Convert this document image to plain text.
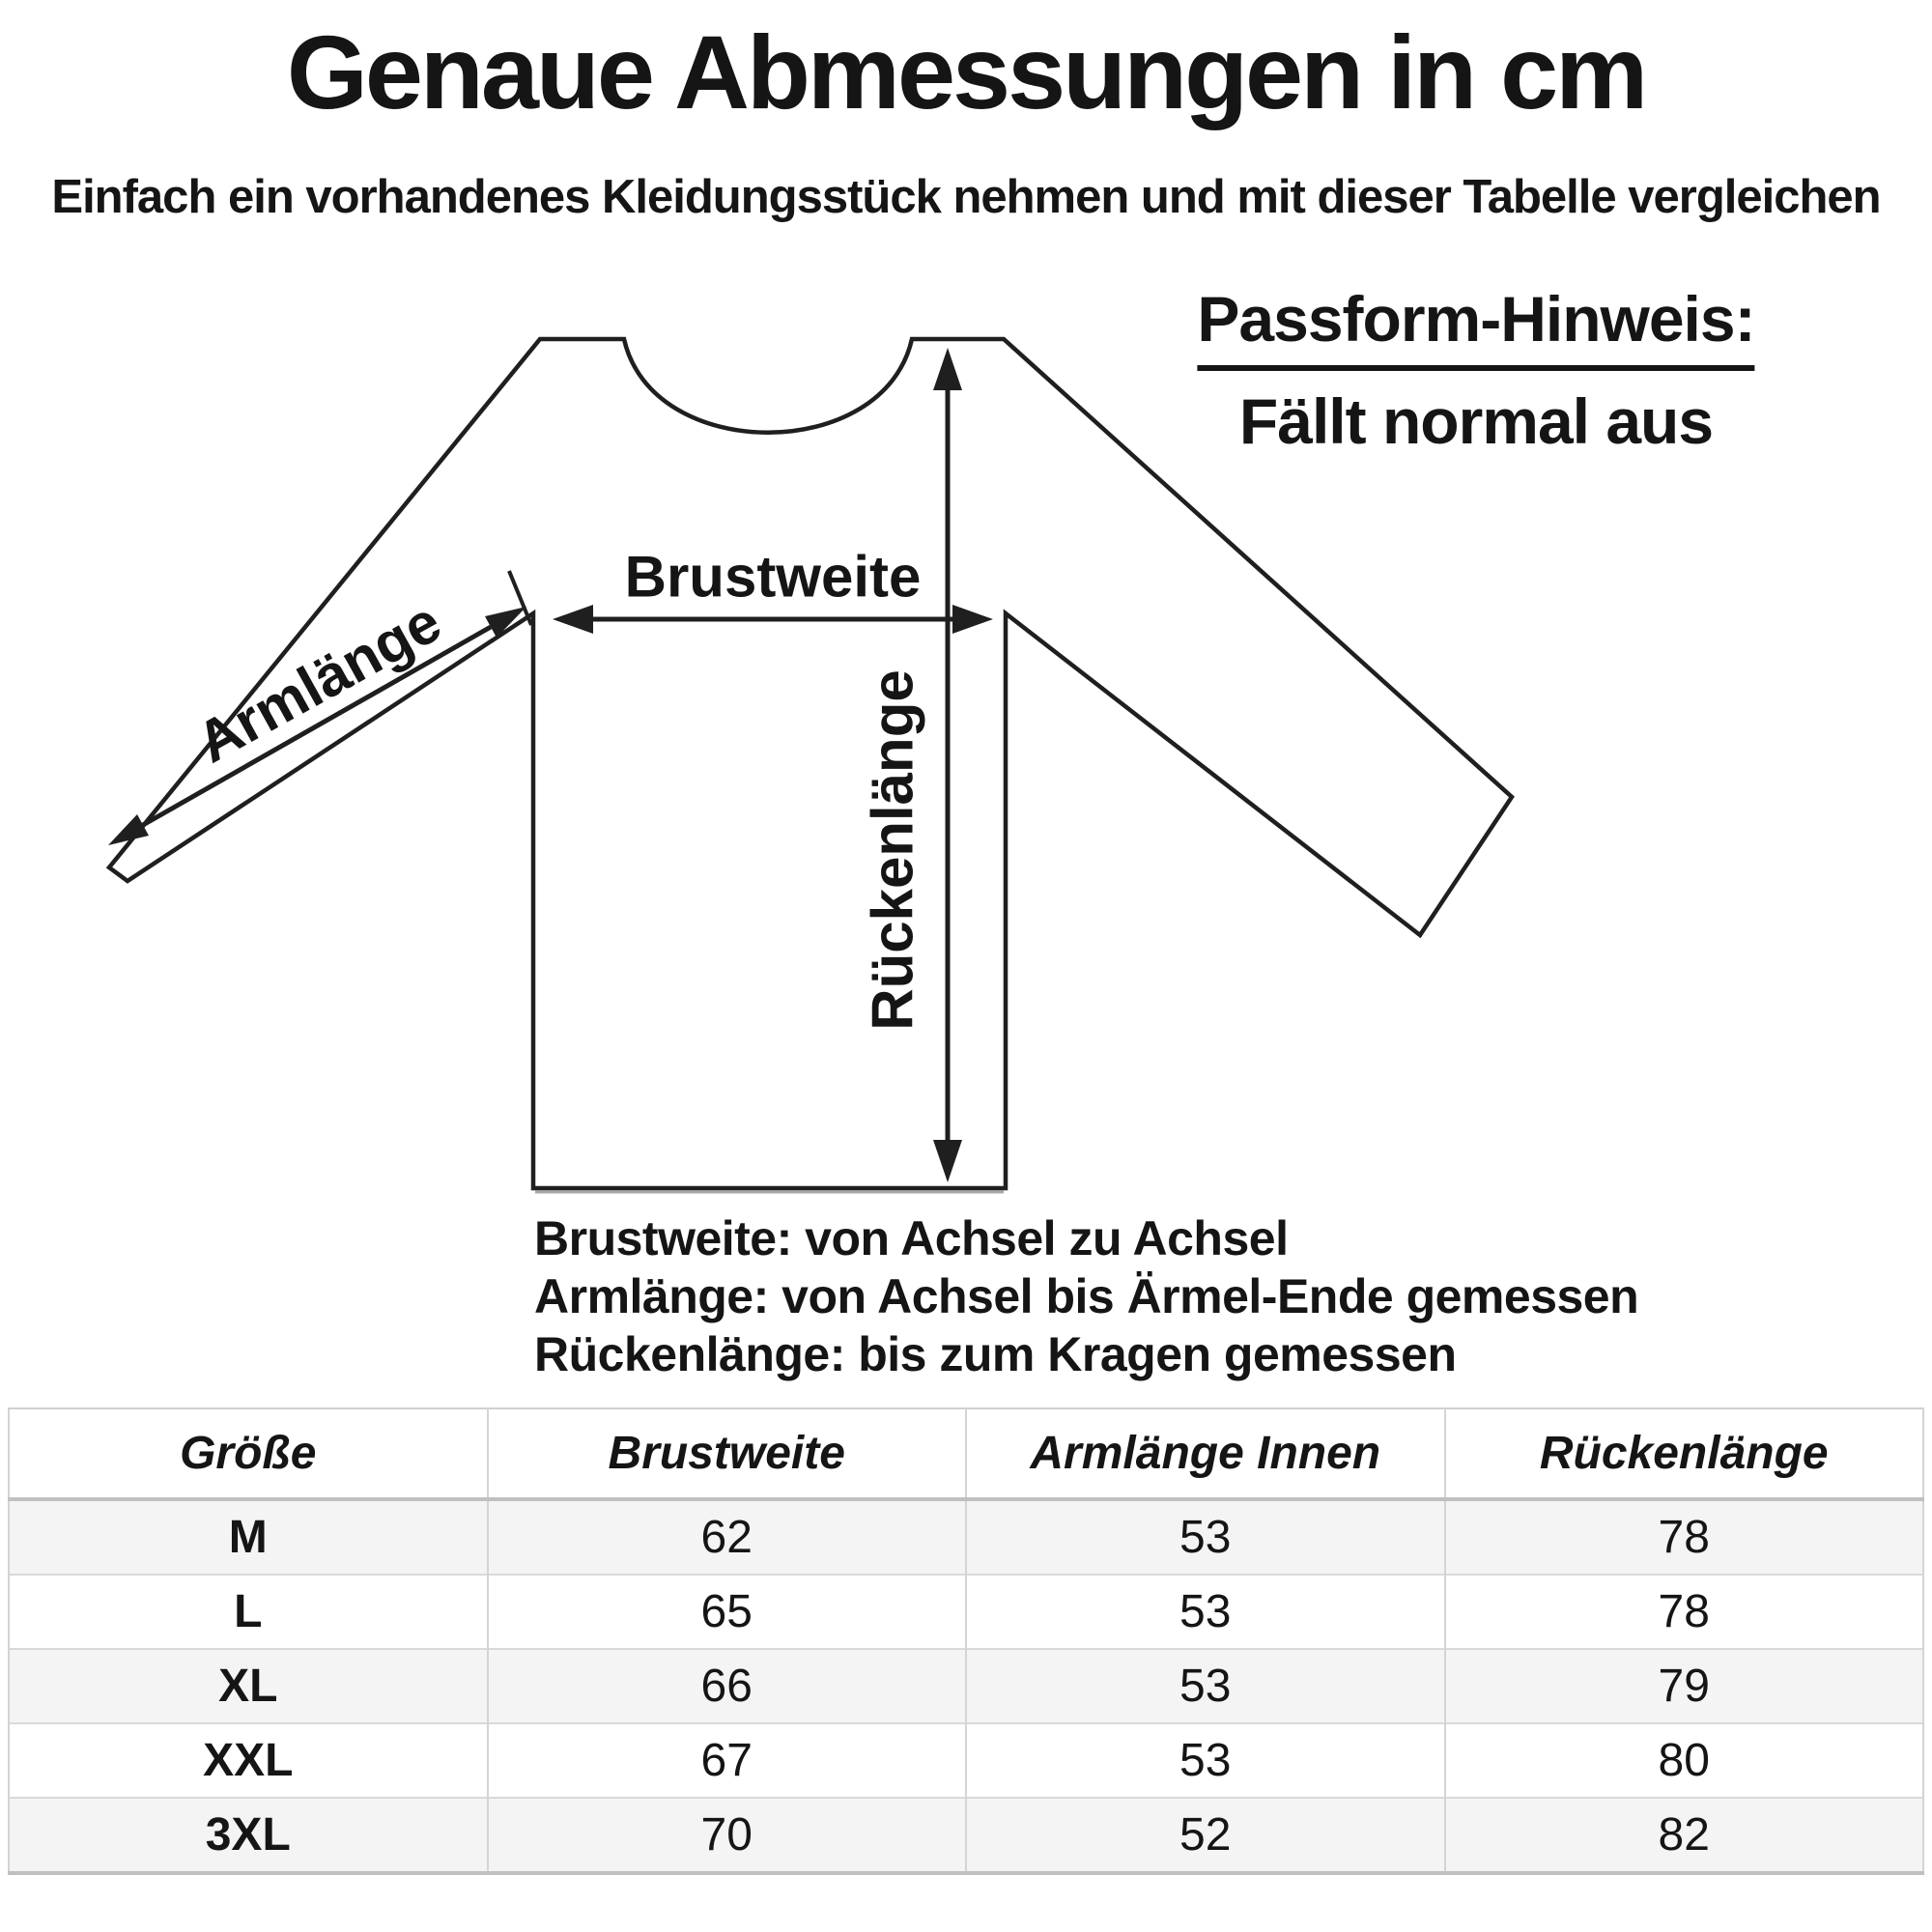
Genaue Abmessungen in cm
Einfach ein vorhandenes Kleidungsstück nehmen und mit dieser Tabelle vergleichen
Brustweite
Armlänge	Rückenlänge
Passform-Hinweis:
Fällt normal aus
Brustweite: von Achsel zu Achsel
Armlänge: von Achsel bis Ärmel-Ende gemessen
Rückenlänge: bis zum Kragen gemessen
Größe	Brustweite	Armlänge Innen	Rückenlänge
M	62	53	78
L	65	53	78
XL	66	53	79
XXL	67	53	80
3XL	70	52	82
